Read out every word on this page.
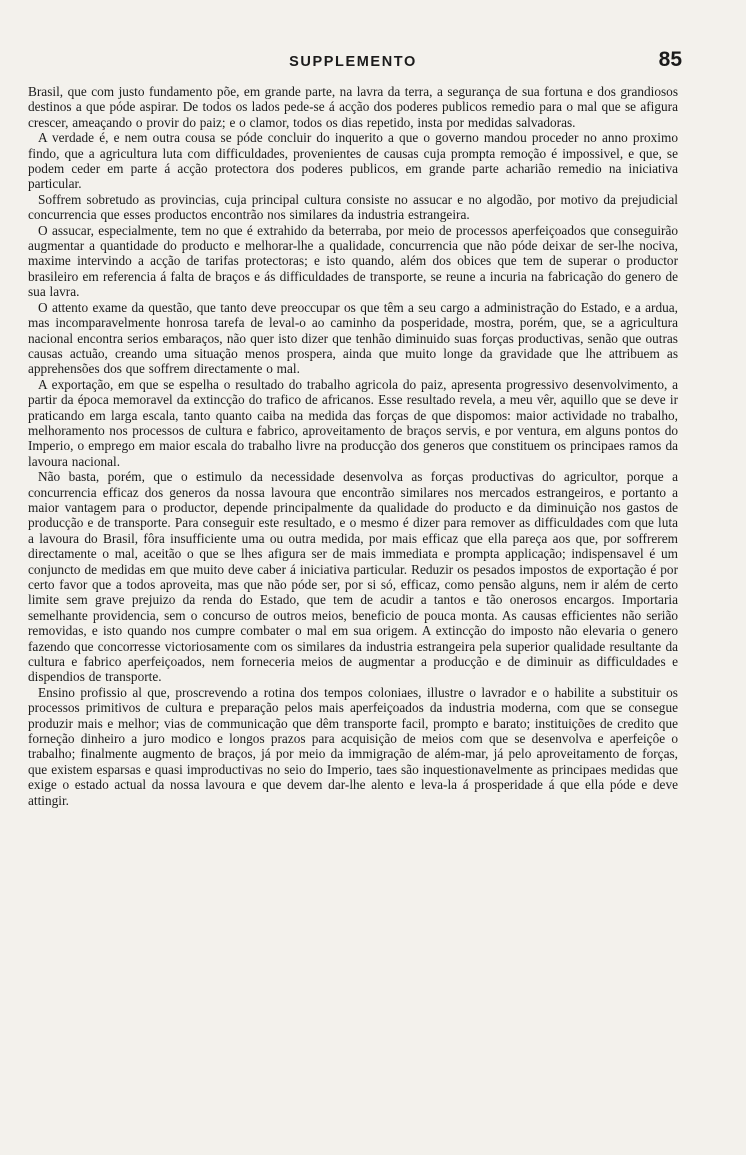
SUPPLEMENTO	85

Brasil, que com justo fundamento põe, em grande parte, na lavra da terra, a segurança de sua fortuna e dos grandiosos destinos a que póde aspirar. De todos os lados pede-se á acção dos poderes publicos remedio para o mal que se afigura crescer, ameaçando o provir do paiz; e o clamor, todos os dias repetido, insta por medidas salvadoras.

A verdade é, e nem outra cousa se póde concluir do inquerito a que o governo mandou proceder no anno proximo findo, que a agricultura luta com difficuldades, provenientes de causas cuja prompta remoção é impossivel, e que, se podem ceder em parte á acção protectora dos poderes publicos, em grande parte acharião remedio na iniciativa particular.

Soffrem sobretudo as provincias, cuja principal cultura consiste no assucar e no algodão, por motivo da prejudicial concurrencia que esses productos encontrão nos similares da industria estrangeira.

O assucar, especialmente, tem no que é extrahido da beterraba, por meio de processos aperfeiçoados que conseguirão augmentar a quantidade do producto e melhorar-lhe a qualidade, concurrencia que não póde deixar de ser-lhe nociva, maxime intervindo a acção de tarifas protectoras; e isto quando, além dos obices que tem de superar o productor brasileiro em referencia á falta de braços e ás difficuldades de transporte, se reune a incuria na fabricação do genero de sua lavra.

O attento exame da questão, que tanto deve preoccupar os que têm a seu cargo a administração do Estado, e a ardua, mas incomparavelmente honrosa tarefa de leval-o ao caminho da posperidade, mostra, porém, que, se a agricultura nacional encontra serios embaraços, não quer isto dizer que tenhão diminuido suas forças productivas, senão que outras causas actuão, creando uma situação menos prospera, ainda que muito longe da gravidade que lhe attribuem as apprehensões dos que soffrem directamente o mal.

A exportação, em que se espelha o resultado do trabalho agricola do paiz, apresenta progressivo desenvolvimento, a partir da época memoravel da extincção do trafico de africanos. Esse resultado revela, a meu vêr, aquillo que se deve ir praticando em larga escala, tanto quanto caiba na medida das forças de que dispomos: maior actividade no trabalho, melhoramento nos processos de cultura e fabrico, aproveitamento de braços servis, e por ventura, em alguns pontos do Imperio, o emprego em maior escala do trabalho livre na producção dos generos que constituem os principaes ramos da lavoura nacional.

Não basta, porém, que o estimulo da necessidade desenvolva as forças productivas do agricultor, porque a concurrencia efficaz dos generos da nossa lavoura que encontrão similares nos mercados estrangeiros, e portanto a maior vantagem para o productor, depende principalmente da qualidade do producto e da diminuição nos gastos de producção e de transporte. Para conseguir este resultado, e o mesmo é dizer para remover as difficuldades com que luta a lavoura do Brasil, fôra insufficiente uma ou outra medida, por mais efficaz que ella pareça aos que, por soffrerem directamente o mal, aceitão o que se lhes afigura ser de mais immediata e prompta applicação; indispensavel é um conjuncto de medidas em que muito deve caber á iniciativa particular. Reduzir os pesados impostos de exportação é por certo favor que a todos aproveita, mas que não póde ser, por si só, efficaz, como pensão alguns, nem ir além de certo limite sem grave prejuizo da renda do Estado, que tem de acudir a tantos e tão onerosos encargos. Importaria semelhante providencia, sem o concurso de outros meios, beneficio de pouca monta. As causas efficientes não serião removidas, e isto quando nos cumpre combater o mal em sua origem. A extincção do imposto não elevaria o genero fazendo que concorresse victoriosamente com os similares da industria estrangeira pela superior qualidade resultante da cultura e fabrico aperfeiçoados, nem forneceria meios de augmentar a producção e de diminuir as difficuldades e dispendios de transporte.

Ensino profissio al que, proscrevendo a rotina dos tempos coloniaes, illustre o lavrador e o habilite a substituir os processos primitivos de cultura e preparação pelos mais aperfeiçoados da industria moderna, com que se consegue produzir mais e melhor; vias de communicação que dêm transporte facil, prompto e barato; instituições de credito que forneção dinheiro a juro modico e longos prazos para acquisição de meios com que se desenvolva e aperfeiçôe o trabalho; finalmente augmento de braços, já por meio da immigração de além-mar, já pelo aproveitamento de forças, que existem esparsas e quasi improductivas no seio do Imperio, taes são inquestionavelmente as principaes medidas que exige o estado actual da nossa lavoura e que devem dar-lhe alento e leva-la á prosperidade á que ella póde e deve attingir.
